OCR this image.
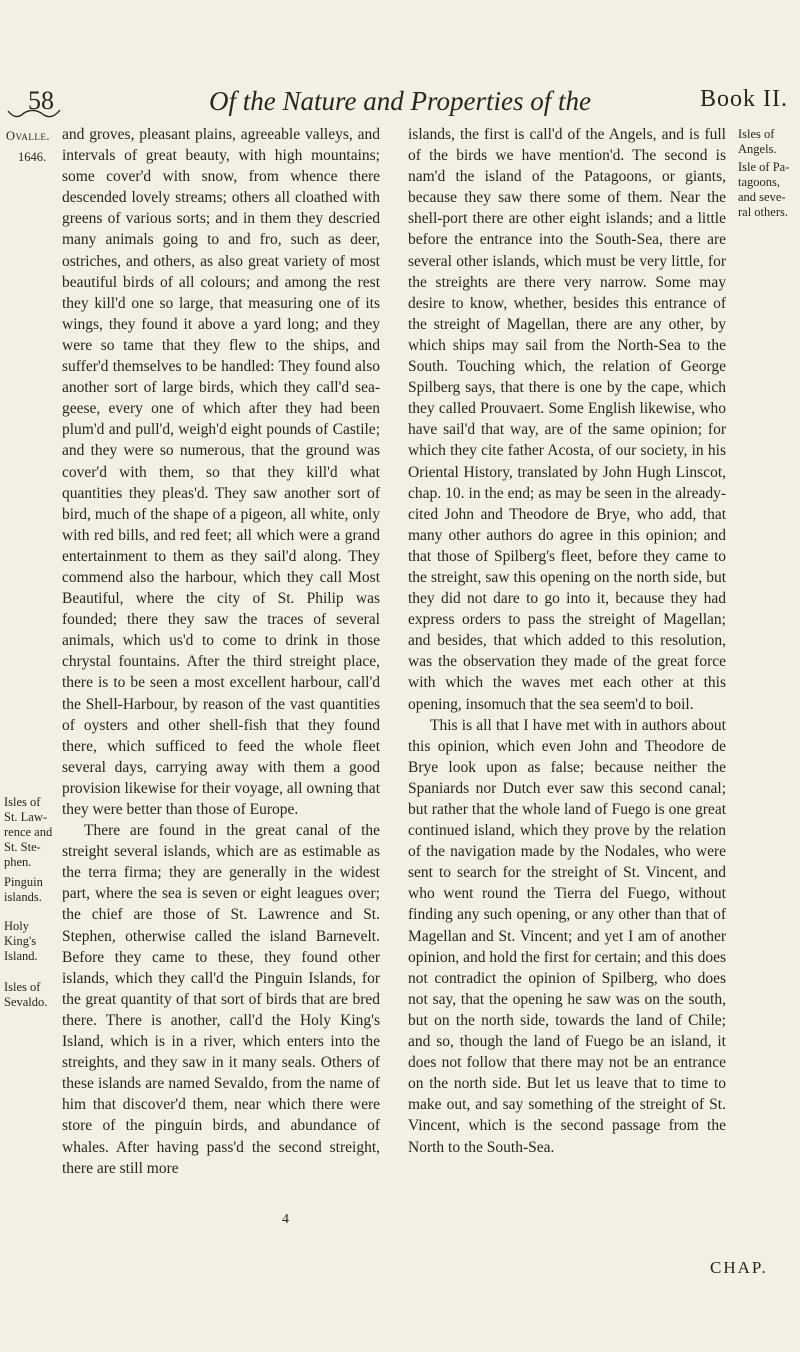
58	Of the Nature and Properties of the	Book II.
Ovalle.
1646.
Isles of
St. Law-
rence and
St. Ste-
phen.
Pinguin
islands.
Holy
King's
Island.
Isles of
Sevaldo.
Isles of
Angels.
Isle of Pa-
tagoons,
and seve-
ral others.

and groves, pleasant plains, agreeable valleys, and intervals of great beauty, with high mountains; some cover'd with snow, from whence there descended lovely streams; others all cloathed with greens of various sorts; and in them they descried many animals going to and fro, such as deer, ostriches, and others, as also great variety of most beautiful birds of all colours; and among the rest they kill'd one so large, that measuring one of its wings, they found it above a yard long; and they were so tame that they flew to the ships, and suffer'd themselves to be handled: They found also another sort of large birds, which they call'd sea-geese, every one of which after they had been plum'd and pull'd, weigh'd eight pounds of Castile; and they were so numerous, that the ground was cover'd with them, so that they kill'd what quantities they pleas'd. They saw another sort of bird, much of the shape of a pigeon, all white, only with red bills, and red feet; all which were a grand entertainment to them as they sail'd along. They commend also the harbour, which they call Most Beautiful, where the city of St. Philip was founded; there they saw the traces of several animals, which us'd to come to drink in those chrystal fountains. After the third streight place, there is to be seen a most excellent harbour, call'd the Shell-Harbour, by reason of the vast quantities of oysters and other shell-fish that they found there, which sufficed to feed the whole fleet several days, carrying away with them a good provision likewise for their voyage, all owning that they were better than those of Europe.

There are found in the great canal of the streight several islands, which are as estimable as the terra firma; they are generally in the widest part, where the sea is seven or eight leagues over; the chief are those of St. Lawrence and St. Stephen, otherwise called the island Barnevelt. Before they came to these, they found other islands, which they call'd the Pinguin Islands, for the great quantity of that sort of birds that are bred there. There is another, call'd the Holy King's Island, which is in a river, which enters into the streights, and they saw in it many seals. Others of these islands are named Sevaldo, from the name of him that discover'd them, near which there were store of the pinguin birds, and abundance of whales. After having pass'd the second streight, there are still more

islands, the first is call'd of the Angels, and is full of the birds we have mention'd. The second is nam'd the island of the Patagoons, or giants, because they saw there some of them. Near the shell-port there are other eight islands; and a little before the entrance into the South-Sea, there are several other islands, which must be very little, for the streights are there very narrow. Some may desire to know, whether, besides this entrance of the streight of Magellan, there are any other, by which ships may sail from the North-Sea to the South. Touching which, the relation of George Spilberg says, that there is one by the cape, which they called Prouvaert. Some English likewise, who have sail'd that way, are of the same opinion; for which they cite father Acosta, of our society, in his Oriental History, translated by John Hugh Linscot, chap. 10. in the end; as may be seen in the already-cited John and Theodore de Brye, who add, that many other authors do agree in this opinion; and that those of Spilberg's fleet, before they came to the streight, saw this opening on the north side, but they did not dare to go into it, because they had express orders to pass the streight of Magellan; and besides, that which added to this resolution, was the observation they made of the great force with which the waves met each other at this opening, insomuch that the sea seem'd to boil.

This is all that I have met with in authors about this opinion, which even John and Theodore de Brye look upon as false; because neither the Spaniards nor Dutch ever saw this second canal; but rather that the whole land of Fuego is one great continued island, which they prove by the relation of the navigation made by the Nodales, who were sent to search for the streight of St. Vincent, and who went round the Tierra del Fuego, without finding any such opening, or any other than that of Magellan and St. Vincent; and yet I am of another opinion, and hold the first for certain; and this does not contradict the opinion of Spilberg, who does not say, that the opening he saw was on the south, but on the north side, towards the land of Chile; and so, though the land of Fuego be an island, it does not follow that there may not be an entrance on the north side. But let us leave that to time to make out, and say something of the streight of St. Vincent, which is the second passage from the North to the South-Sea.

4
CHAP.
